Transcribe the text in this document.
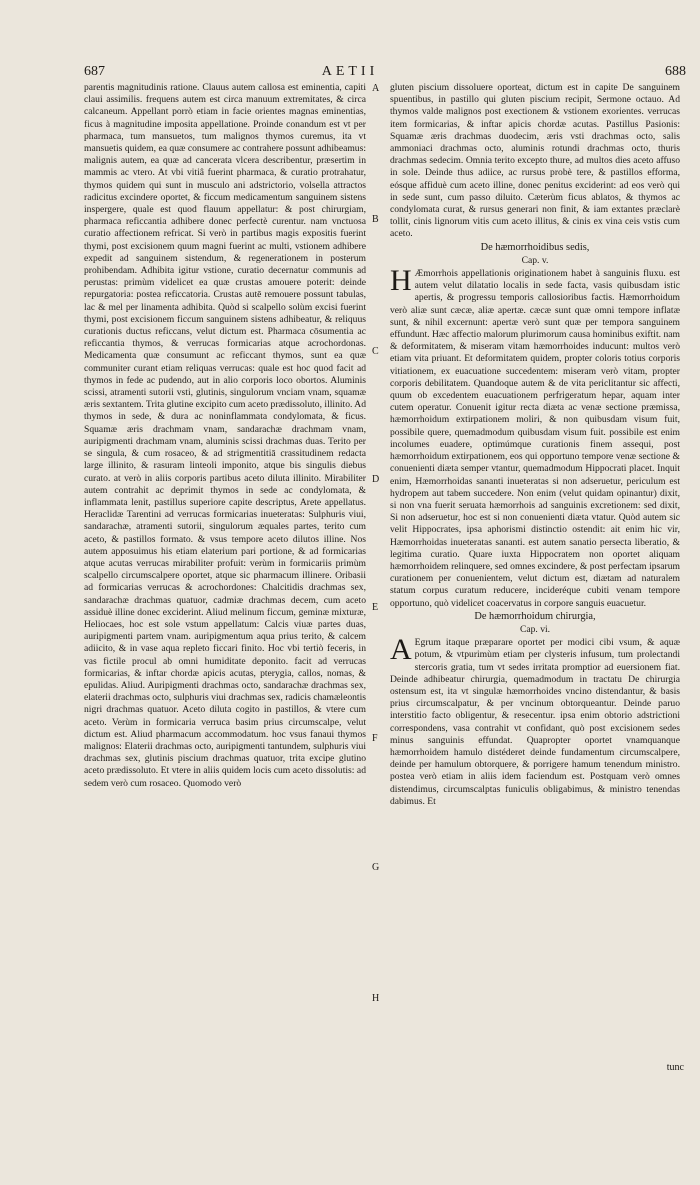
687	AETII	688

parentis magnitudinis ratione. Clauus autem callosa est eminentia, capiti claui assimilis. frequens autem est circa manuum extremitates, & circa calcaneum. Appellant porrò etiam in facie orientes magnas eminentias, ficus à magnitudine imposita appellatione. Proinde conandum est vt per pharmaca, tum mansuetos, tum malignos thymos curemus, ita vt mansuetis quidem, ea quæ consumere ac contrahere possunt adhibeamus: malignis autem, ea quæ ad cancerata vlcera describentur, præsertim in mammis ac vtero. At vbi vitiâ fuerint pharmaca, & curatio protrahatur, thymos quidem qui sunt in musculo ani adstrictorio, volsella attractos radicitus excindere oportet, & ficcum medicamentum sanguinem sistens inspergere, quale est quod flauum appellatur: & post chirurgiam, pharmaca reficcantia adhibere donec perfectè curentur. nam vnctuosa curatio affectionem refricat. Si verò in partibus magis expositis fuerint thymi, post excisionem quum magni fuerint ac multi, vstionem adhibere expedit ad sanguinem sistendum, & regenerationem in posterum prohibendam. Adhibita igitur vstione, curatio decernatur communis ad perustas: primùm videlicet ea quæ crustas amouere poterit: deinde repurgatoria: postea reficcatoria. Crustas autē remouere possunt tabulas, lac & mel per linamenta adhibita. Quòd si scalpello solùm excisi fuerint thymi, post excisionem ficcum sanguinem sistens adhibeatur, & reliquus curationis ductus reficcans, velut dictum est. Pharmaca cōsumentia ac reficcantia thymos, & verrucas formicarias atque acrochordonas. Medicamenta quæ consumunt ac reficcant thymos, sunt ea quæ communiter curant etiam reliquas verrucas: quale est hoc quod facit ad thymos in fede ac pudendo, aut in alio corporis loco obortos. Aluminis scissi, atramenti sutorii vsti, glutinis, singulorum vnciam vnam, squamæ æris sextantem. Trita glutine excipito cum aceto prædissoluto, illinito. Ad thymos in sede, & dura ac noninflammata condylomata, & ficus. Squamæ æris drachmam vnam, sandarachæ drachmam vnam, auripigmenti drachmam vnam, aluminis scissi drachmas duas. Terito per se singula, & cum rosaceo, & ad strigmentitiā crassitudinem redacta large illinito, & rasuram linteoli imponito, atque bis singulis diebus curato. at verò in aliis corporis partibus aceto diluta illinito. Mirabiliter autem contrahit ac deprimit thymos in sede ac condylomata, & inflammata lenit, pastillus superiore capite descriptus, Arete appellatus. Heraclidæ Tarentini ad verrucas formicarias inueteratas: Sulphuris viui, sandarachæ, atramenti sutorii, singulorum æquales partes, terito cum aceto, & pastillos formato. & vsus tempore aceto dilutos illine. Nos autem apposuimus his etiam elaterium pari portione, & ad formicarias atque acutas verrucas mirabiliter profuit: verùm in formicariis primùm scalpello circumscalpere oportet, atque sic pharmacum illinere. Oribasii ad formicarias verrucas & acrochordones: Chalcitidis drachmas sex, sandarachæ drachmas quatuor, cadmiæ drachmas decem, cum aceto assiduè illine donec exciderint. Aliud melinum ficcum, geminæ mixturæ, Heliocaes, hoc est sole vstum appellatum: Calcis viuæ partes duas, auripigmenti partem vnam. auripigmentum aqua prius terito, & calcem adiicito, & in vase aqua repleto ficcari finito. Hoc vbi tertiò feceris, in vas fictile procul ab omni humiditate deponito. facit ad verrucas formicarias, & inftar chordæ apicis acutas, pterygia, callos, nomas, & epulidas. Aliud. Auripigmenti drachmas octo, sandarachæ drachmas sex, elaterii drachmas octo, sulphuris viui drachmas sex, radicis chamæleontis nigri drachmas quatuor. Aceto diluta cogito in pastillos, & vtere cum aceto. Verùm in formicaria verruca basim prius circumscalpe, velut dictum est. Aliud pharmacum accommodatum. hoc vsus fanaui thymos malignos: Elaterii drachmas octo, auripigmenti tantundem, sulphuris viui drachmas sex, glutinis piscium drachmas quatuor, trita excipe glutino aceto prædissoluto. Et vtere in aliis quidem locis cum aceto dissolutis: ad sedem verò cum rosaceo. Quomodo verò

A
B
C
D
E
F
G
H

gluten piscium dissoluere oporteat, dictum est in capite De sanguinem spuentibus, in pastillo qui gluten piscium recipit, Sermone octauo. Ad thymos valde malignos post exectionem & vstionem exorientes. verrucas item formicarias, & inftar apicis chordæ acutas. Pastillus Pasionis: Squamæ æris drachmas duodecim, æris vsti drachmas octo, salis ammoniaci drachmas octo, aluminis rotundi drachmas octo, thuris drachmas sedecim. Omnia terito excepto thure, ad multos dies aceto affuso in sole. Deinde thus adiice, ac rursus probè tere, & pastillos efforma, eósque affiduè cum aceto illine, donec penitus exciderint: ad eos verò qui in sede sunt, cum passo diluito. Cæterùm ficus ablatos, & thymos ac condylomata curat, & rursus generari non finit, & iam extantes præclarè tollit, cinis lignorum vitis cum aceto illitus, & cinis ex vina ceis vstis cum aceto.

De hæmorrhoidibus sedis,
Cap. v.

H Æmorrhois appellationis originationem habet à sanguinis fluxu. est autem velut dilatatio localis in sede facta, vasis quibusdam istic apertis, & progressu temporis callosioribus factis. Hæmorrhoidum verò aliæ sunt cæcæ, aliæ apertæ. cæcæ sunt quæ omni tempore inflatæ sunt, & nihil excernunt: apertæ verò sunt quæ per tempora sanguinem effundunt. Hæc affectio malorum plurimorum causa hominibus exiftit. nam & deformitatem, & miseram vitam hæmorrhoides inducunt: multos verò etiam vita priuant. Et deformitatem quidem, propter coloris totius corporis vitiationem, ex euacuatione succedentem: miseram verò vitam, propter corporis debilitatem. Quandoque autem & de vita periclitantur sic affecti, quum ob excedentem euacuationem perfrigeratum hepar, aquam inter cutem operatur. Conuenit igitur recta diæta ac venæ sectione præmissa, hæmorrhoidum extirpationem moliri, & non quibusdam visum fuit, possibile quere, quemadmodum quibusdam visum fuit. possibile est enim incolumes euadere, optimúmque curationis finem assequi, post hæmorrhoidum extirpationem, eos qui opportuno tempore venæ sectione & conuenienti diæta semper vtantur, quemadmodum Hippocrati placet. Inquit enim, Hæmorrhoidas sananti inueteratas si non adseruetur, periculum est hydropem aut tabem succedere. Non enim (velut quidam opinantur) dixit, si non vna fuerit seruata hæmorrhois ad sanguinis excretionem: sed dixit, Si non adseruetur, hoc est si non conuenienti diæta vtatur. Quòd autem sic velit Hippocrates, ipsa aphorismi distinctio ostendit: ait enim hic vir, Hæmorrhoidas inueteratas sananti. est autem sanatio persecta liberatio, & legitima curatio. Quare iuxta Hippocratem non oportet aliquam hæmorrhoidem relinquere, sed omnes excindere, & post perfectam ipsarum curationem per conuenientem, velut dictum est, diætam ad naturalem statum corpus curatum reducere, incideréque cubiti venam tempore opportuno, quò videlicet coacervatus in corpore sanguis euacuetur.

De hæmorrhoidum chirurgia,
Cap. vi.

A Egrum itaque præparare oportet per modici cibi vsum, & aquæ potum, & vtpurimùm etiam per clysteris infusum, tum prolectandi stercoris gratia, tum vt sedes irritata promptior ad euersionem fiat. Deinde adhibeatur chirurgia, quemadmodum in tractatu De chirurgia ostensum est, ita vt singulæ hæmorrhoides vncino distendantur, & basis prius circumscalpatur, & per vncinum obtorqueantur. Deinde paruo interstitio facto obligentur, & resecentur. ipsa enim obtorio adstrictioni correspondens, vasa contrahit vt confidant, quò post excisionem sedes minus sanguinis effundat. Quapropter oportet vnamquanque hæmorrhoidem hamulo distéderet deinde fundamentum circumscalpere, deinde per hamulum obtorquere, & porrigere hamum tenendum ministro. postea verò etiam in aliis idem faciendum est. Postquam verò omnes distendimus, circumscalptas funiculis obligabimus, & ministro tenendas dabimus. Et

tunc
